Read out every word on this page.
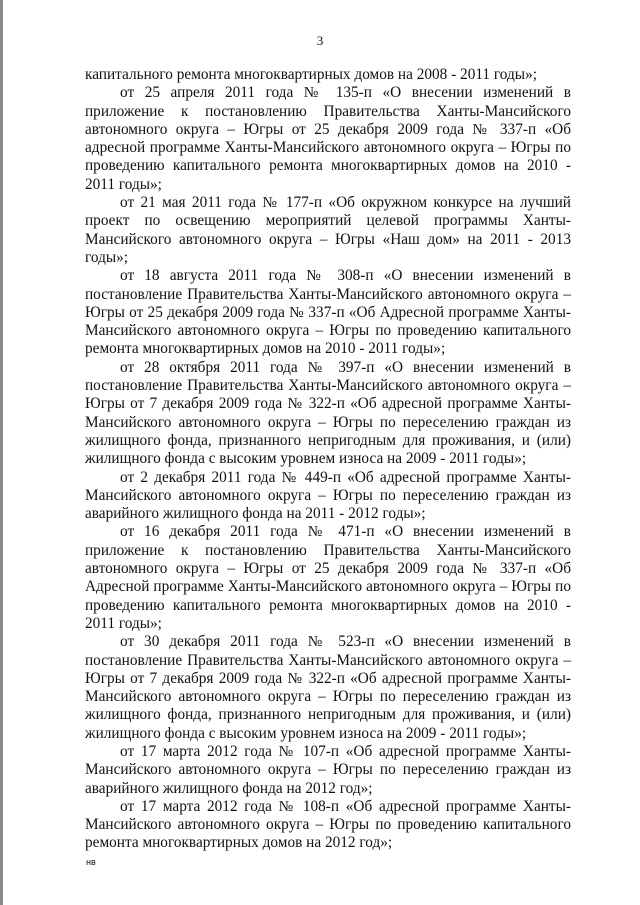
3

капитального ремонта многоквартирных домов на 2008 - 2011 годы»;

от 25 апреля 2011 года № 135-п «О внесении изменений в приложение к постановлению Правительства Ханты-Мансийского автономного округа – Югры от 25 декабря 2009 года № 337-п «Об адресной программе Ханты-Мансийского автономного округа – Югры по проведению капитального ремонта многоквартирных домов на 2010 - 2011 годы»;

от 21 мая 2011 года № 177-п «Об окружном конкурсе на лучший проект по освещению мероприятий целевой программы Ханты-Мансийского автономного округа – Югры «Наш дом» на 2011 - 2013 годы»;

от 18 августа 2011 года № 308-п «О внесении изменений в постановление Правительства Ханты-Мансийского автономного округа – Югры от 25 декабря 2009 года № 337-п «Об Адресной программе Ханты-Мансийского автономного округа – Югры по проведению капитального ремонта многоквартирных домов на 2010 - 2011 годы»;

от 28 октября 2011 года № 397-п «О внесении изменений в постановление Правительства Ханты-Мансийского автономного округа – Югры от 7 декабря 2009 года № 322-п «Об адресной программе Ханты-Мансийского автономного округа – Югры по переселению граждан из жилищного фонда, признанного непригодным для проживания, и (или) жилищного фонда с высоким уровнем износа на 2009 - 2011 годы»;

от 2 декабря 2011 года № 449-п «Об адресной программе Ханты-Мансийского автономного округа – Югры по переселению граждан из аварийного жилищного фонда на 2011 - 2012 годы»;

от 16 декабря 2011 года № 471-п «О внесении изменений в приложение к постановлению Правительства Ханты-Мансийского автономного округа – Югры от 25 декабря 2009 года № 337-п «Об Адресной программе Ханты-Мансийского автономного округа – Югры по проведению капитального ремонта многоквартирных домов на 2010 - 2011 годы»;

от 30 декабря 2011 года № 523-п «О внесении изменений в постановление Правительства Ханты-Мансийского автономного округа – Югры от 7 декабря 2009 года № 322-п «Об адресной программе Ханты-Мансийского автономного округа – Югры по переселению граждан из жилищного фонда, признанного непригодным для проживания, и (или) жилищного фонда с высоким уровнем износа на 2009 - 2011 годы»;

от 17 марта 2012 года № 107-п «Об адресной программе Ханты-Мансийского автономного округа – Югры по переселению граждан из аварийного жилищного фонда на 2012 год»;

от 17 марта 2012 года № 108-п «Об адресной программе Ханты-Мансийского автономного округа – Югры по проведению капитального ремонта многоквартирных домов на 2012 год»;

нв
